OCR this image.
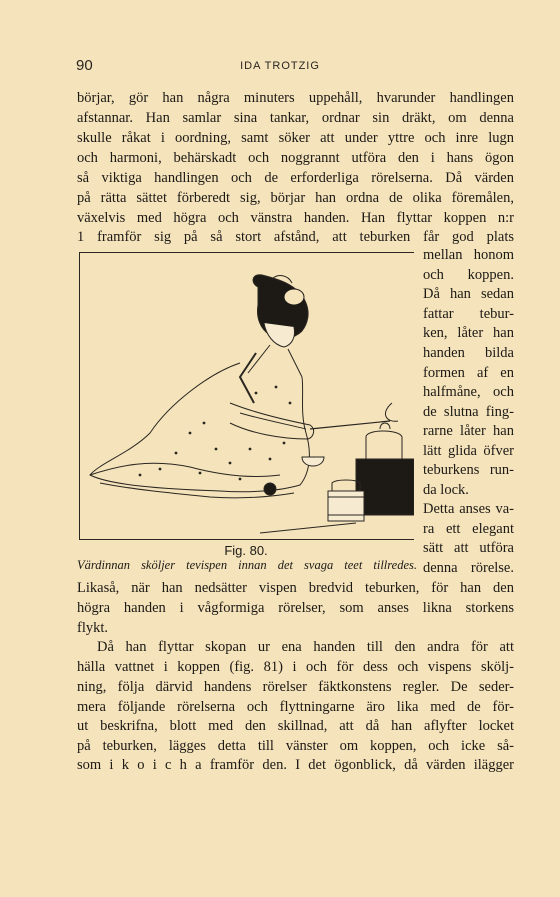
90	IDA TROTZIG
börjar, gör han några minuters uppehåll, hvarunder handlingen
afstannar. Han samlar sina tankar, ordnar sin dräkt, om denna
skulle råkat i oordning, samt söker att under yttre och inre lugn
och harmoni, behärskadt och noggrannt utföra den i hans ögon
så viktiga handlingen och de erforderliga rörelserna. Då värden
på rätta sättet förberedt sig, börjar han ordna de olika föremålen,
växelvis med högra och vänstra handen. Han flyttar koppen n:r
1 framför sig på så stort afstånd, att teburken får god plats
mellan honom
och koppen.
Då han sedan
fattar tebur-
ken, låter han
handen bilda
formen af en
halfmåne, och
de slutna fing-
rarne låter han
lätt glida öfver
teburkens run-
da lock.
Detta anses va-
ra ett elegant
sätt att utföra
denna rörelse.
Fig. 80.
Värdinnan sköljer tevispen innan det svaga teet tillredes.
Likaså, när han nedsätter vispen bredvid teburken, för han den
högra handen i vågformiga rörelser, som anses likna storkens
flykt.
Då han flyttar skopan ur ena handen till den andra för att
hälla vattnet i koppen (fig. 81) i och för dess och vispens skölj-
ning, följa därvid handens rörelser fäktkonstens regler. De seder-
mera följande rörelserna och flyttningarne äro lika med de för-
ut beskrifna, blott med den skillnad, att då han aflyfter locket
på teburken, lägges detta till vänster om koppen, och icke så-
som i k o i c h a framför den. I det ögonblick, då värden ilägger
